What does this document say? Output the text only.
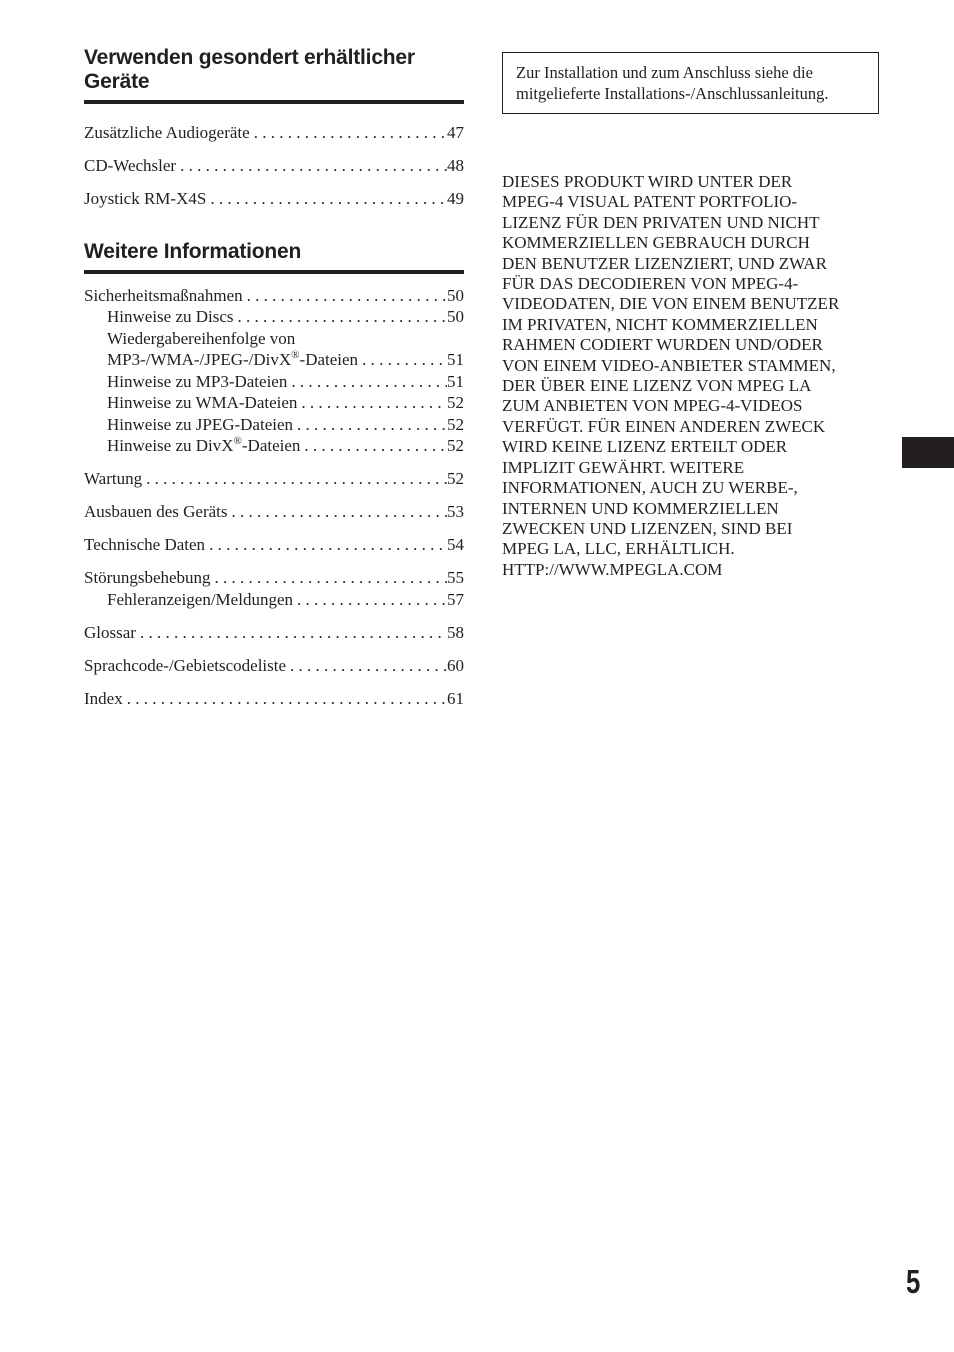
Verwenden gesondert erhältlicher
Geräte
Zusätzliche Audiogeräte . . .	47
CD-Wechsler . . .	48
Joystick RM-X4S . . .	49
Weitere Informationen
Sicherheitsmaßnahmen . . .	50
Hinweise zu Discs . . .	50
Wiedergabereihenfolge von
MP3-/WMA-/JPEG-/DivX®-Dateien . . .	51
Hinweise zu MP3-Dateien . . .	51
Hinweise zu WMA-Dateien . . .	52
Hinweise zu JPEG-Dateien . . .	52
Hinweise zu DivX®-Dateien . . .	52
Wartung . . .	52
Ausbauen des Geräts . . .	53
Technische Daten . . .	54
Störungsbehebung . . .	55
Fehleranzeigen/Meldungen . . .	57
Glossar . . .	58
Sprachcode-/Gebietscodeliste . . .	60
Index . . .	61
Zur Installation und zum Anschluss siehe die
mitgelieferte Installations-/Anschlussanleitung.
DIESES PRODUKT WIRD UNTER DER
MPEG-4 VISUAL PATENT PORTFOLIO-
LIZENZ FÜR DEN PRIVATEN UND NICHT
KOMMERZIELLEN GEBRAUCH DURCH
DEN BENUTZER LIZENZIERT, UND ZWAR
FÜR DAS DECODIEREN VON MPEG-4-
VIDEODATEN, DIE VON EINEM BENUTZER
IM PRIVATEN, NICHT KOMMERZIELLEN
RAHMEN CODIERT WURDEN UND/ODER
VON EINEM VIDEO-ANBIETER STAMMEN,
DER ÜBER EINE LIZENZ VON MPEG LA
ZUM ANBIETEN VON MPEG-4-VIDEOS
VERFÜGT. FÜR EINEN ANDEREN ZWECK
WIRD KEINE LIZENZ ERTEILT ODER
IMPLIZIT GEWÄHRT. WEITERE
INFORMATIONEN, AUCH ZU WERBE-,
INTERNEN UND KOMMERZIELLEN
ZWECKEN UND LIZENZEN, SIND BEI
MPEG LA, LLC, ERHÄLTLICH.
HTTP://WWW.MPEGLA.COM
5
